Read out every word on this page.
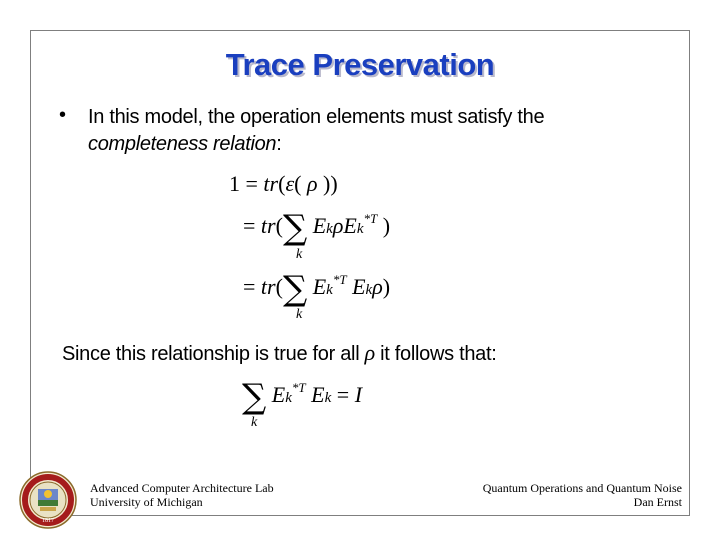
Trace Preservation
• In this model, the operation elements must satisfy the
completeness relation:
1 = tr(ε( ρ ))
= tr(∑ EkρEk$^{*T}$ )
k
= tr(∑ $Ek^{*T}$ Ekρ)
k
Since this relationship is true for all ρ it follows that:
∑ $Ek^{*T}$ Ek = I
k
1817
Advanced Computer Architecture Lab
University of Michigan
Quantum Operations and Quantum Noise
Dan Ernst
